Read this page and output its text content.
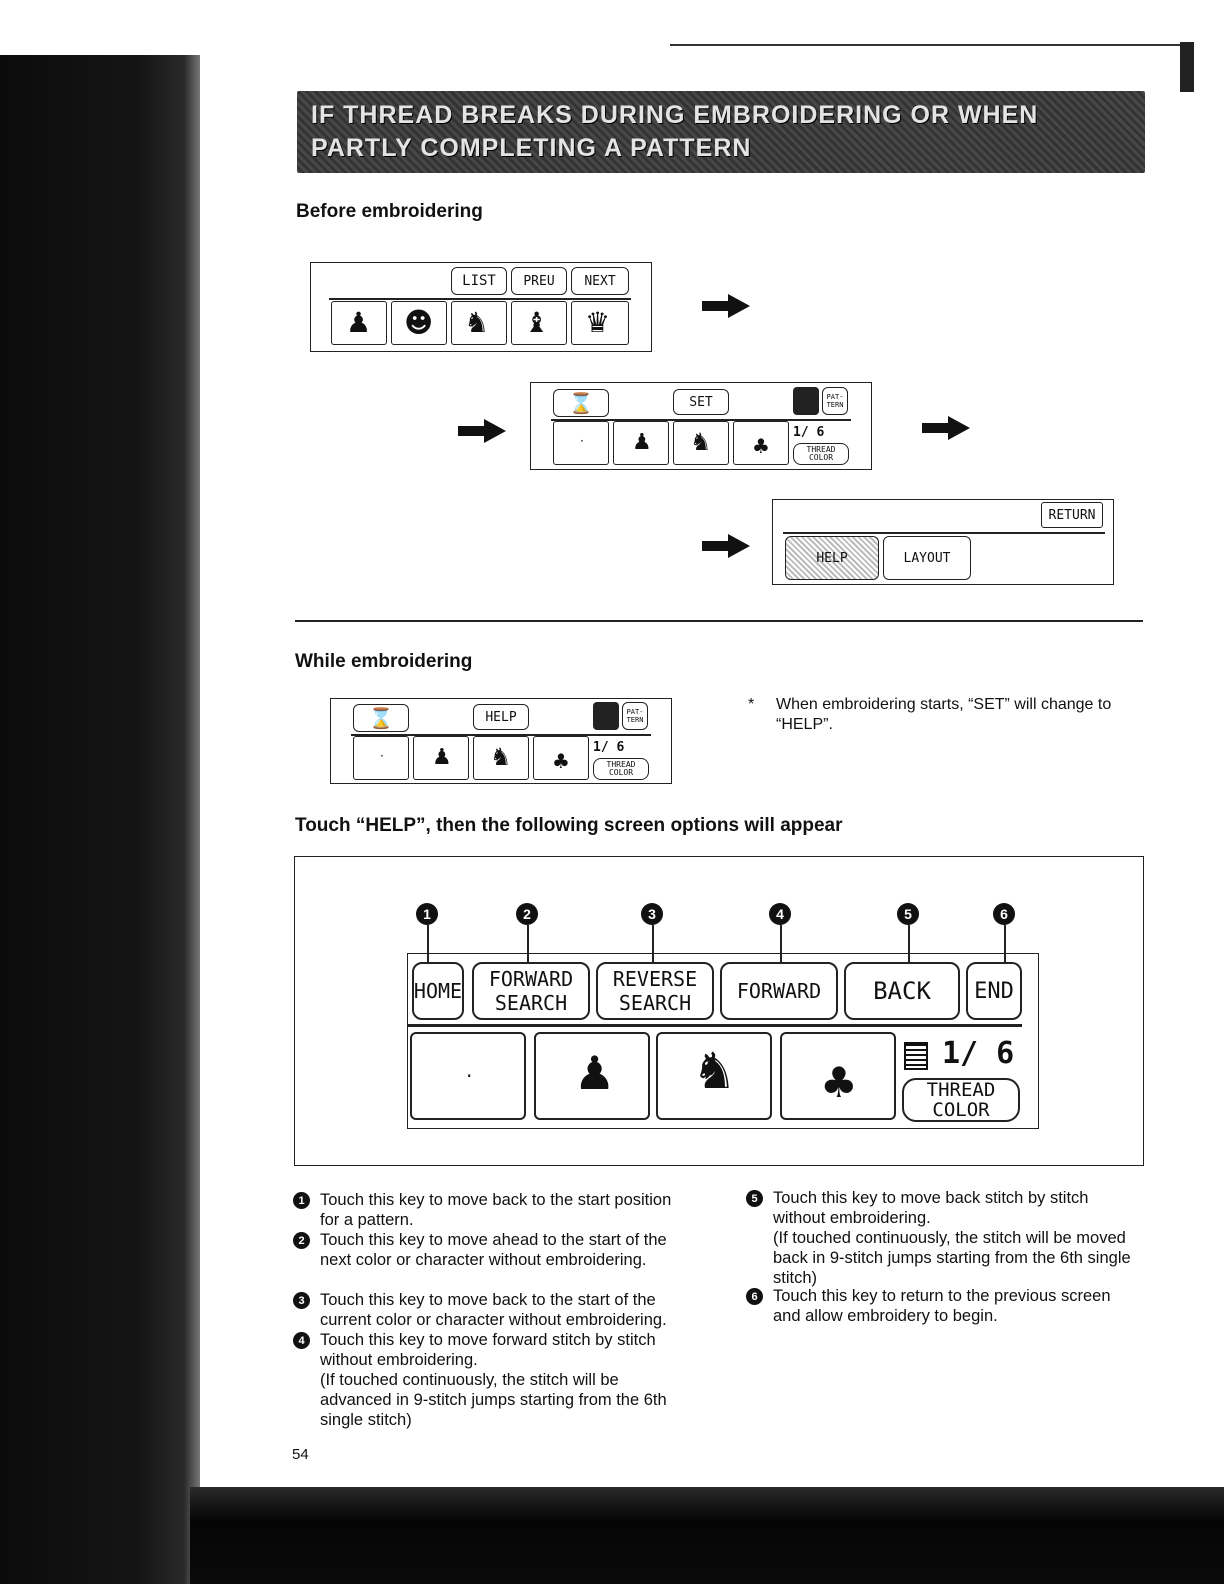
IF THREAD BREAKS DURING EMBROIDERING OR WHEN PARTLY COMPLETING A PATTERN
Before embroidering
LIST	PREU	NEXT
♟ ☻ ♞ ♝ ♛
⌛	SET	PAT-TERN
· ♟ ♞ ♣
1/ 6
THREAD COLOR
RETURN
HELP	LAYOUT
While embroidering
⌛	HELP	PAT-TERN
· ♟ ♞ ♣
1/ 6
THREAD COLOR
* When embroidering starts, “SET” will change to “HELP”.
Touch “HELP”, then the following screen options will appear
1	2	3	4	5	6
HOME	FORWARD SEARCH
REVERSE SEARCH	FORWARD	BACK	END
· ♟ ♞ ♣
1/ 6
THREAD
COLOR
1 Touch this key to move back to the start position for a pattern.
2 Touch this key to move ahead to the start of the next color or character without embroidering.
3 Touch this key to move back to the start of the current color or character without embroidering.
4 Touch this key to move forward stitch by stitch without embroidering.
(If touched continuously, the stitch will be advanced in 9-stitch jumps starting from the 6th single stitch)
5 Touch this key to move back stitch by stitch without embroidering.
(If touched continuously, the stitch will be moved back in 9-stitch jumps starting from the 6th single stitch)
6 Touch this key to return to the previous screen and allow embroidery to begin.
54
